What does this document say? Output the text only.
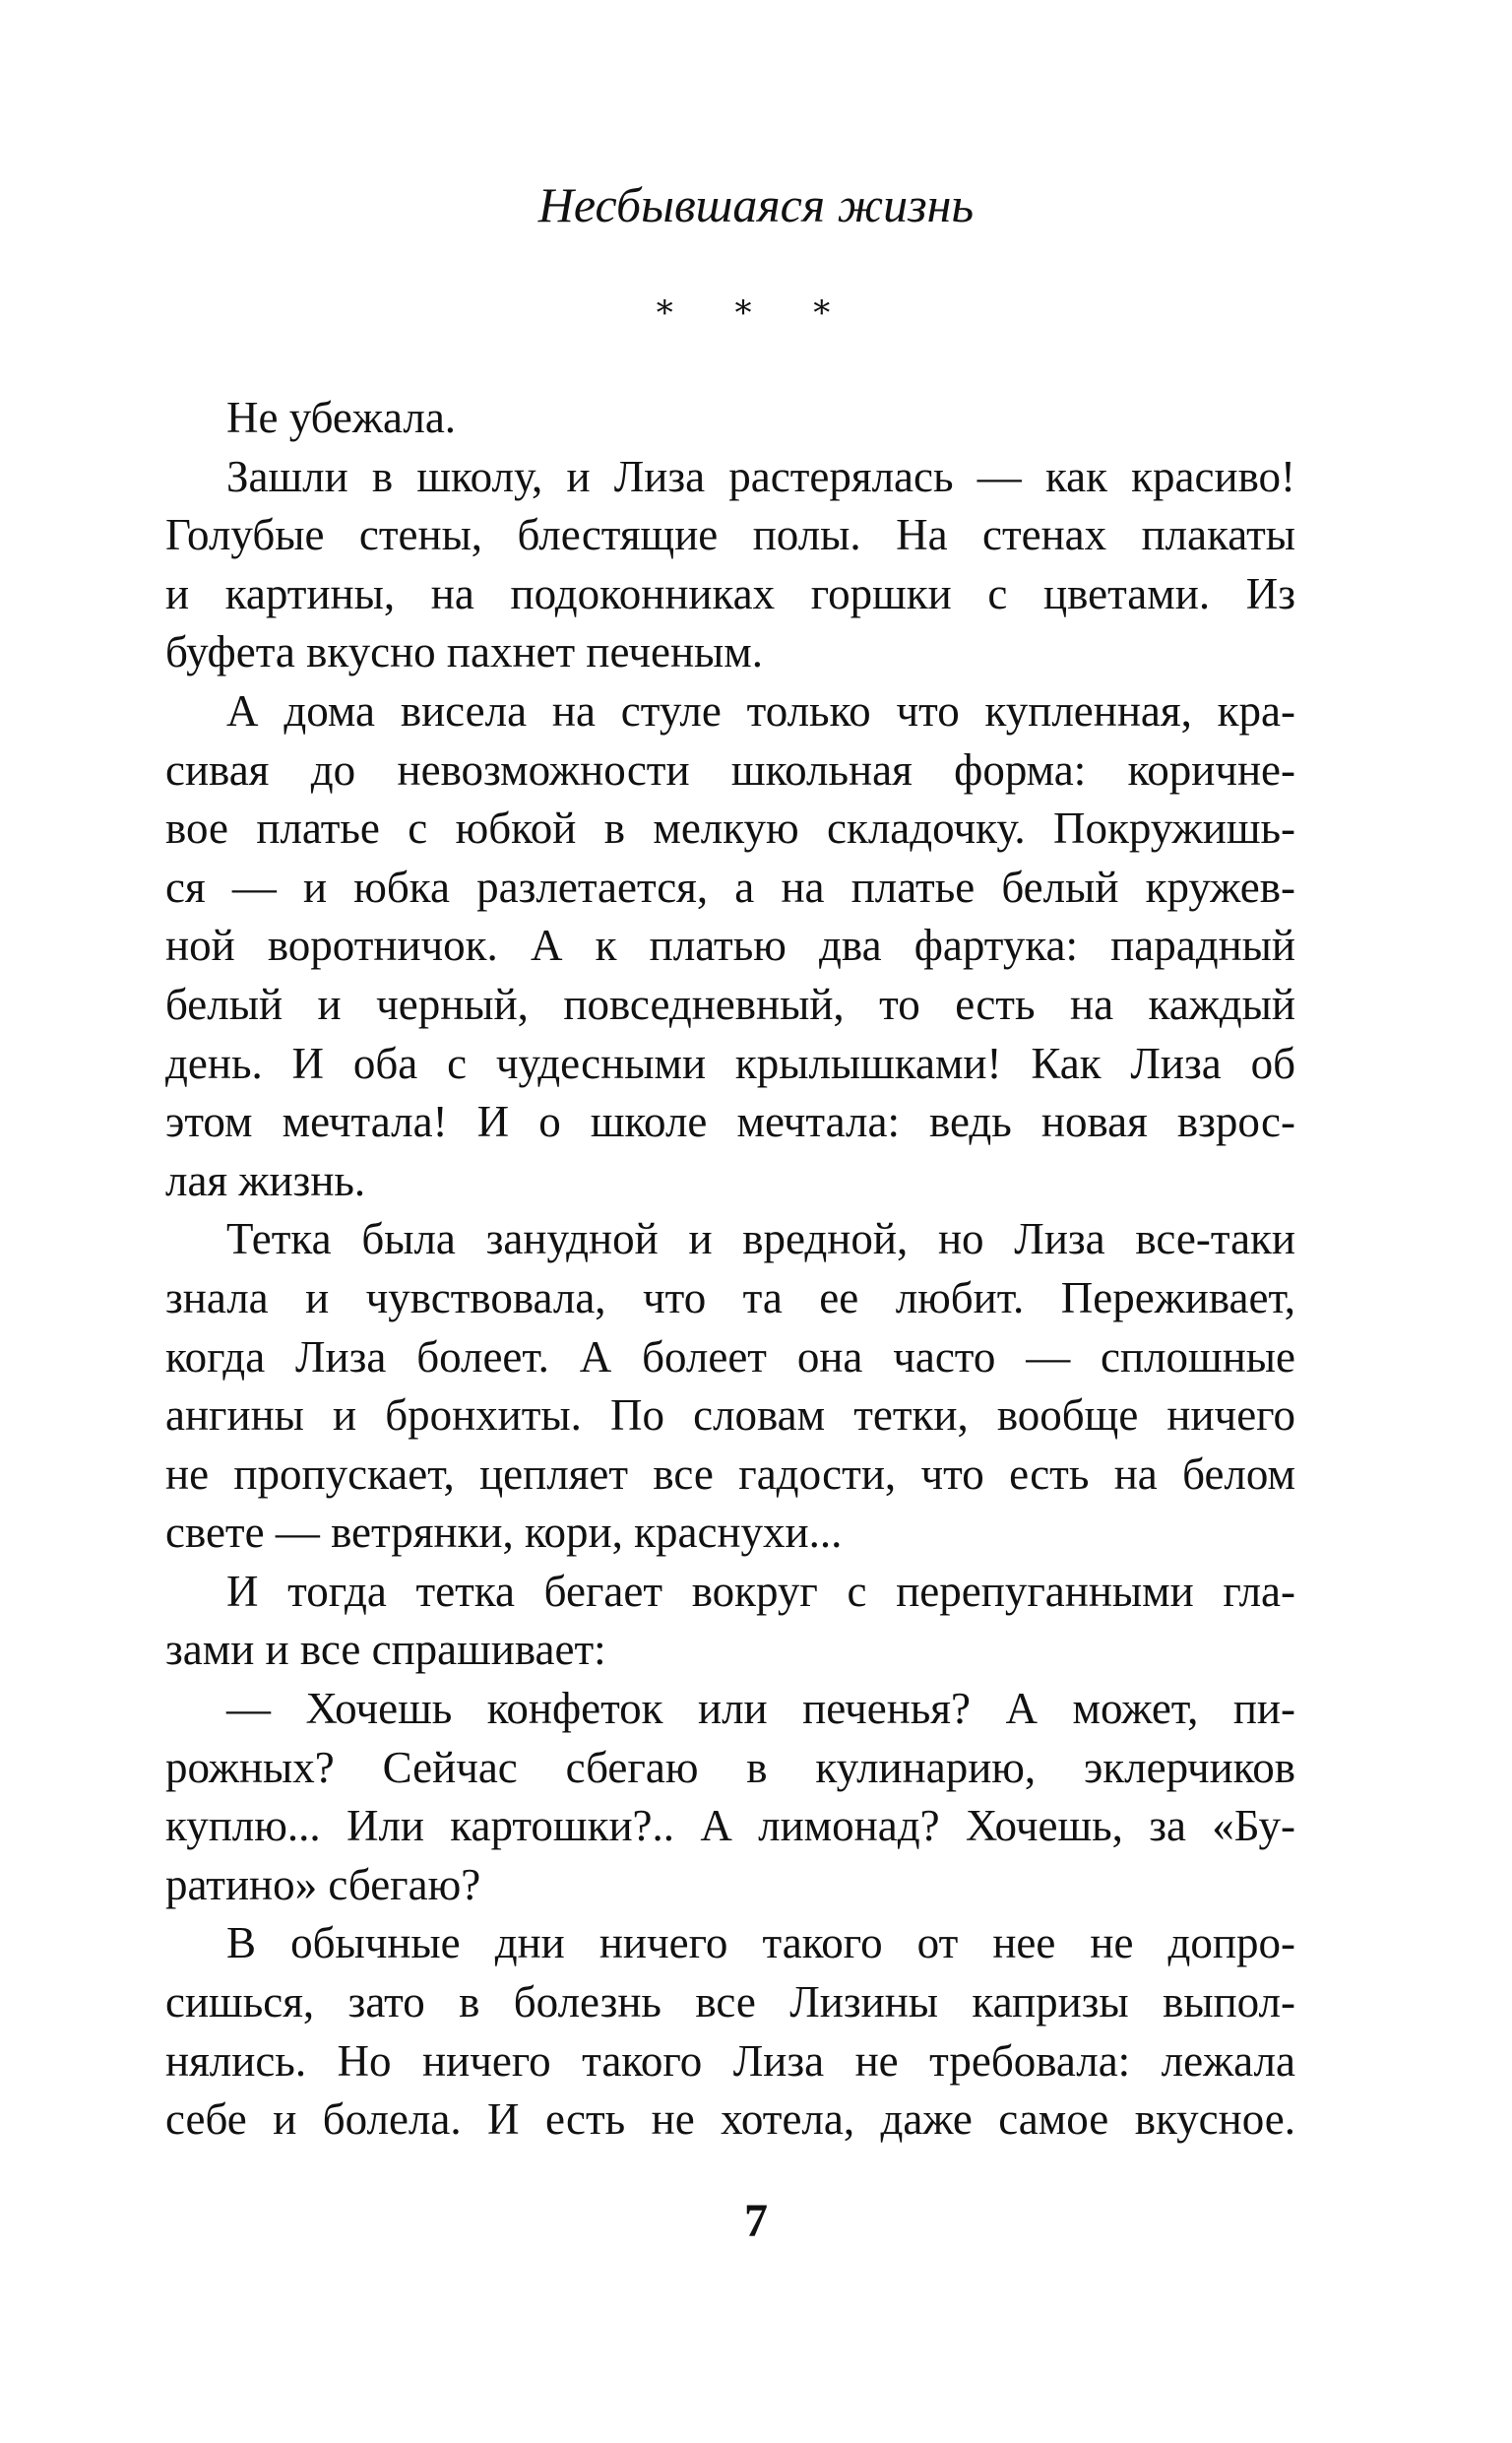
Несбывшаяся жизнь
* * *
Не убежала.
Зашли в школу, и Лиза растерялась — как красиво!
Голубые стены, блестящие полы. На стенах плакаты
и картины, на подоконниках горшки с цветами. Из
буфета вкусно пахнет печеным.
А дома висела на стуле только что купленная, кра-
сивая до невозможности школьная форма: коричне-
вое платье с юбкой в мелкую складочку. Покружишь-
ся — и юбка разлетается, а на платье белый кружев-
ной воротничок. А к платью два фартука: парадный
белый и черный, повседневный, то есть на каждый
день. И оба с чудесными крылышками! Как Лиза об
этом мечтала! И о школе мечтала: ведь новая взрос-
лая жизнь.
Тетка была занудной и вредной, но Лиза все-таки
знала и чувствовала, что та ее любит. Переживает,
когда Лиза болеет. А болеет она часто — сплошные
ангины и бронхиты. По словам тетки, вообще ничего
не пропускает, цепляет все гадости, что есть на белом
свете — ветрянки, кори, краснухи...
И тогда тетка бегает вокруг с перепуганными гла-
зами и все спрашивает:
— Хочешь конфеток или печенья? А может, пи-
рожных? Сейчас сбегаю в кулинарию, эклерчиков
куплю... Или картошки?.. А лимонад? Хочешь, за «Бу-
ратино» сбегаю?
В обычные дни ничего такого от нее не допро-
сишься, зато в болезнь все Лизины капризы выпол-
нялись. Но ничего такого Лиза не требовала: лежала
себе и болела. И есть не хотела, даже самое вкусное.
7
